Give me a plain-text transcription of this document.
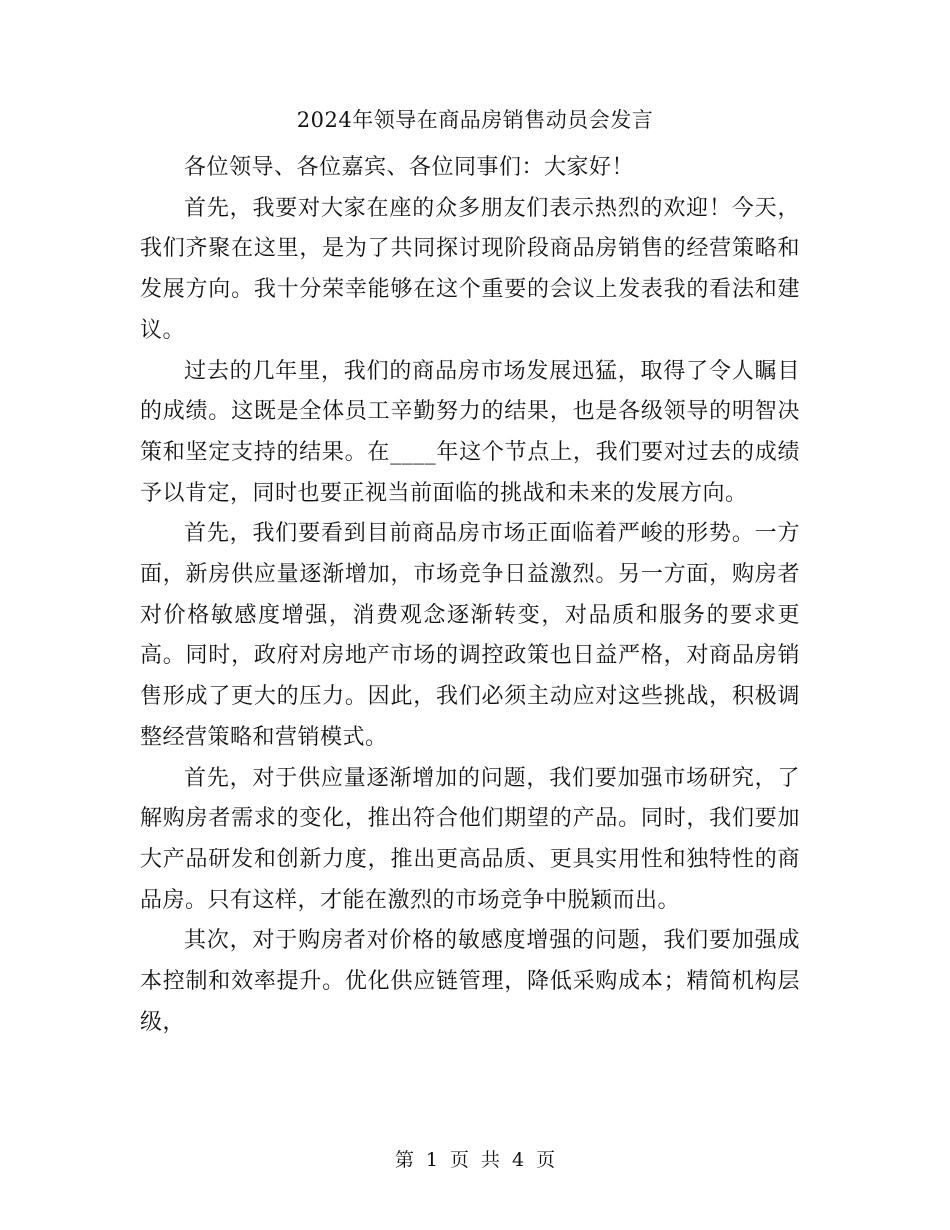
2024年领导在商品房销售动员会发言

各位领导、各位嘉宾、各位同事们：大家好！

首先，我要对大家在座的众多朋友们表示热烈的欢迎！今天，我们齐聚在这里，是为了共同探讨现阶段商品房销售的经营策略和发展方向。我十分荣幸能够在这个重要的会议上发表我的看法和建议。

过去的几年里，我们的商品房市场发展迅猛，取得了令人瞩目的成绩。这既是全体员工辛勤努力的结果，也是各级领导的明智决策和坚定支持的结果。在____年这个节点上，我们要对过去的成绩予以肯定，同时也要正视当前面临的挑战和未来的发展方向。

首先，我们要看到目前商品房市场正面临着严峻的形势。一方面，新房供应量逐渐增加，市场竞争日益激烈。另一方面，购房者对价格敏感度增强，消费观念逐渐转变，对品质和服务的要求更高。同时，政府对房地产市场的调控政策也日益严格，对商品房销售形成了更大的压力。因此，我们必须主动应对这些挑战，积极调整经营策略和营销模式。

首先，对于供应量逐渐增加的问题，我们要加强市场研究，了解购房者需求的变化，推出符合他们期望的产品。同时，我们要加大产品研发和创新力度，推出更高品质、更具实用性和独特性的商品房。只有这样，才能在激烈的市场竞争中脱颖而出。

其次，对于购房者对价格的敏感度增强的问题，我们要加强成本控制和效率提升。优化供应链管理，降低采购成本；精简机构层级，

第 1 页 共 4 页
